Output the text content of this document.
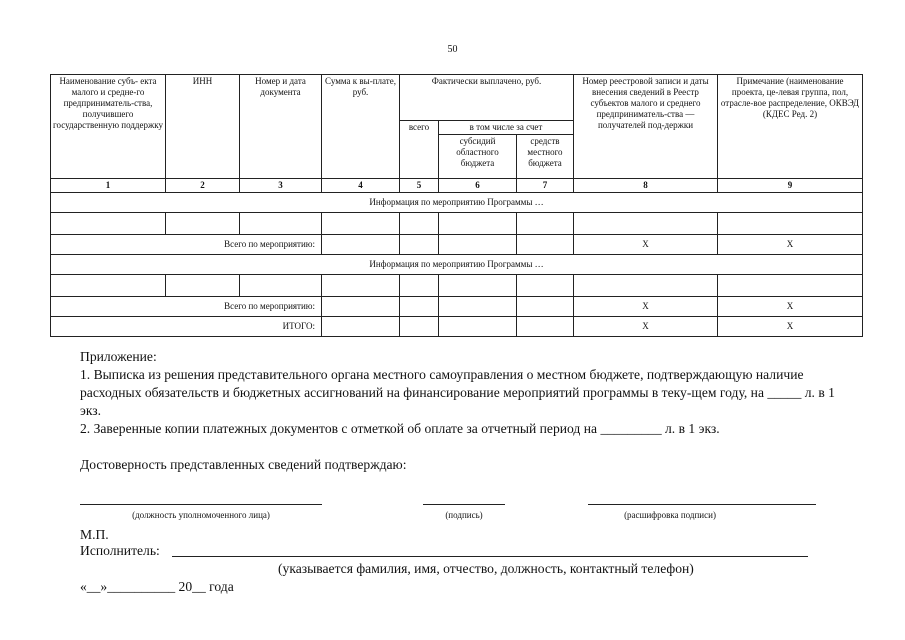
50
Наименование субъ- екта малого и средне-го предприниматель-ства, получившего государственную поддержку	ИНН	Номер и дата документа	Сумма к вы-плате, руб.	Фактически выплачено, руб.			Номер реестровой записи и даты внесения сведений в Реестр субъектов малого и среднего предприниматель-ства — получателей под-держки	Примечание (наименование проекта, це-левая группа, пол, отрасле-вое распределение, ОКВЭД (КДЕС Ред. 2)
				всего	в том числе за счет			
					субсидий областного бюджета	средств местного бюджета		
1	2	3	4	5	6	7	8	9
Информация по мероприятию Программы …								

Всего по мероприятию:							Х	Х
Информация по мероприятию Программы …								

Всего по мероприятию:							Х	Х
ИТОГО:							Х	Х
Приложение:
1. Выписка из решения представительного органа местного самоуправления о местном бюджете, подтверждающую наличие расходных обязательств и бюджетных ассигнований на финансирование мероприятий программы в теку-щем году, на _____ л. в 1 экз.
2. Заверенные копии платежных документов с отметкой об оплате за отчетный период на _________ л. в 1 экз.
Достоверность представленных сведений подтверждаю:
(должность уполномоченного лица)	(подпись)	(расшифровка подписи)
М.П.
Исполнитель:
(указывается фамилия, имя, отчество, должность, контактный телефон)
«__»__________ 20__ года
